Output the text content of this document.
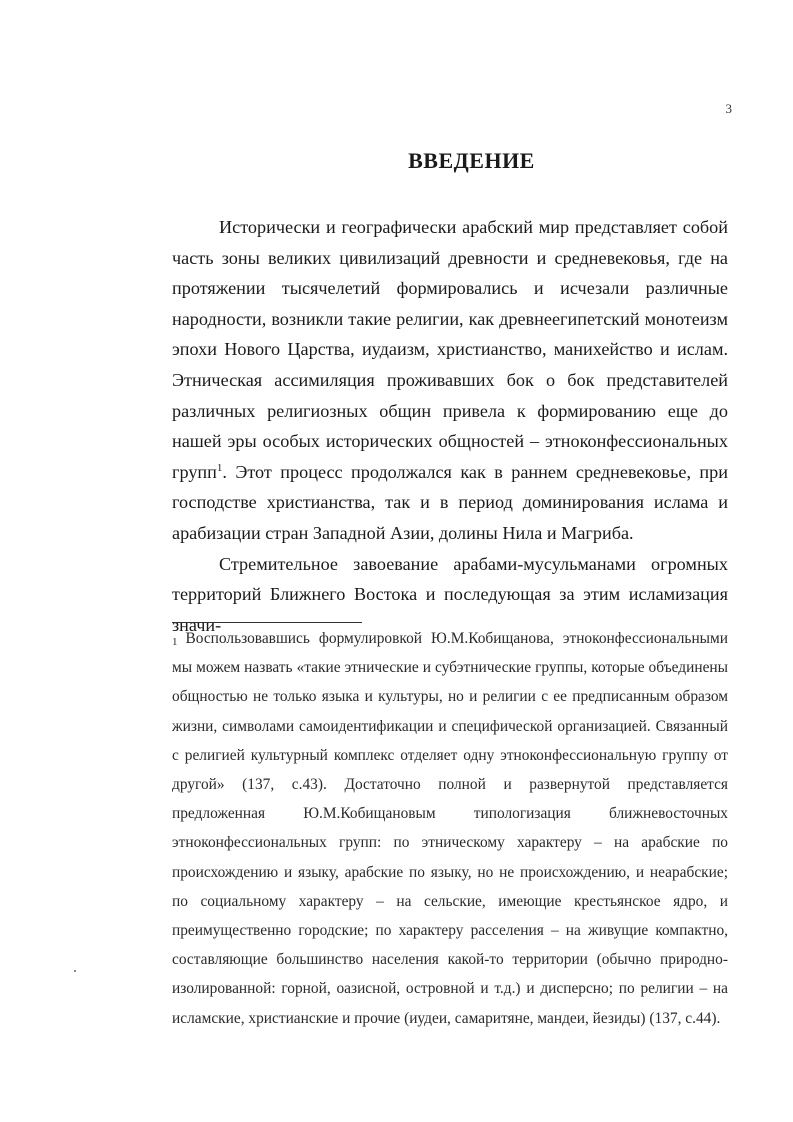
3
ВВЕДЕНИЕ

Исторически и географически арабский мир представляет собой часть зоны великих цивилизаций древности и средневековья, где на протяжении тысячелетий формировались и исчезали различные народности, возникли такие религии, как древнеегипетский монотеизм эпохи Нового Царства, иудаизм, христианство, манихейство и ислам. Этническая ассимиляция проживавших бок о бок представителей различных религиозных общин привела к формированию еще до нашей эры особых исторических общностей – этноконфессиональных групп$^1$. Этот процесс продолжался как в раннем средневековье, при господстве христианства, так и в период доминирования ислама и арабизации стран Западной Азии, долины Нила и Магриба.

Стремительное завоевание арабами-мусульманами огромных территорий Ближнего Востока и последующая за этим исламизация значи-

$^1$ Воспользовавшись формулировкой Ю.М.Кобищанова, этноконфессиональными мы можем назвать «такие этнические и субэтнические группы, которые объединены общностью не только языка и культуры, но и религии с ее предписанным образом жизни, символами самоидентификации и специфической организацией. Связанный с религией культурный комплекс отделяет одну этноконфессиональную группу от другой» (137, с.43). Достаточно полной и развернутой представляется предложенная Ю.М.Кобищановым типологизация ближневосточных этноконфессиональных групп: по этническому характеру – на арабские по происхождению и языку, арабские по языку, но не происхождению, и неарабские; по социальному характеру – на сельские, имеющие крестьянское ядро, и преимущественно городские; по характеру расселения – на живущие компактно, составляющие большинство населения какой-то территории (обычно природно-изолированной: горной, оазисной, островной и т.д.) и дисперсно; по религии – на исламские, христианские и прочие (иудеи, самаритяне, мандеи, йезиды) (137, с.44).
